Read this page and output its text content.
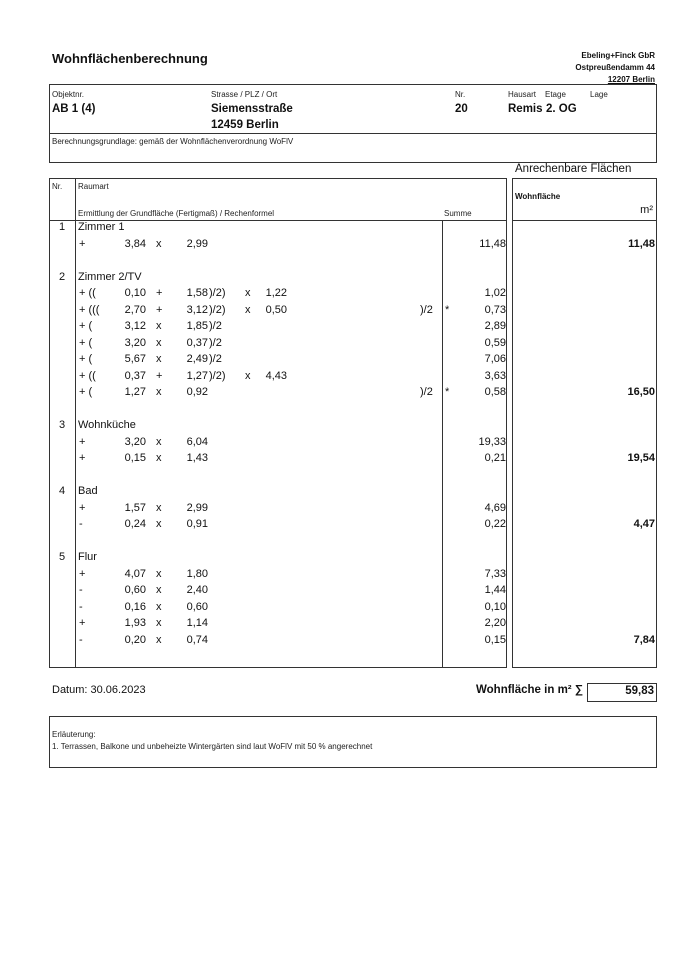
Wohnflächenberechnung	Ebeling+Finck GbR
Ostpreußendamm 44
12207 Berlin
Objektnr.
AB 1 (4)
Strasse / PLZ / Ort
Siemensstraße
12459 Berlin
Nr.
20
Hausart
Remis
Etage
2. OG
Lage
Berechnungsgrundlage: gemäß der Wohnflächenverordnung WoFlV
Anrechenbare Flächen
Nr. Raumart
Ermittlung der Grundfläche (Fertigmaß) / Rechenformel	Summe
Wohnfläche
m²
1 Zimmer 1
+	3,84 x 2,99	11,48	11,48
2 Zimmer 2/TV
+ ((	0,10 + 1,58 )/2) x 1,22	1,02
+ ((( 2,70 + 3,12 )/2) x 0,50	)/2 *	0,73
+ (	3,12 x 1,85 )/2	2,89
+ (	3,20 x 0,37 )/2	0,59
+ (	5,67 x 2,49 )/2	7,06
+ ((	0,37 + 1,27 )/2) x 4,43	3,63
+ (	1,27 x 0,92	)/2 *	0,58	16,50
3 Wohnküche
+	3,20 x 6,04	19,33
+	0,15 x 1,43	0,21	19,54
4 Bad
+	1,57 x 2,99	4,69
-	0,24 x 0,91	0,22	4,47
5 Flur
+	4,07 x 1,80	7,33
-	0,60 x 2,40	1,44
-	0,16 x 0,60	0,10
+	1,93 x 1,14	2,20
-	0,20 x 0,74	0,15	7,84
Datum: 30.06.2023	Wohnfläche in m² ∑	59,83
Erläuterung:
1. Terrassen, Balkone und unbeheizte Wintergärten sind laut WoFlV mit 50 % angerechnet
